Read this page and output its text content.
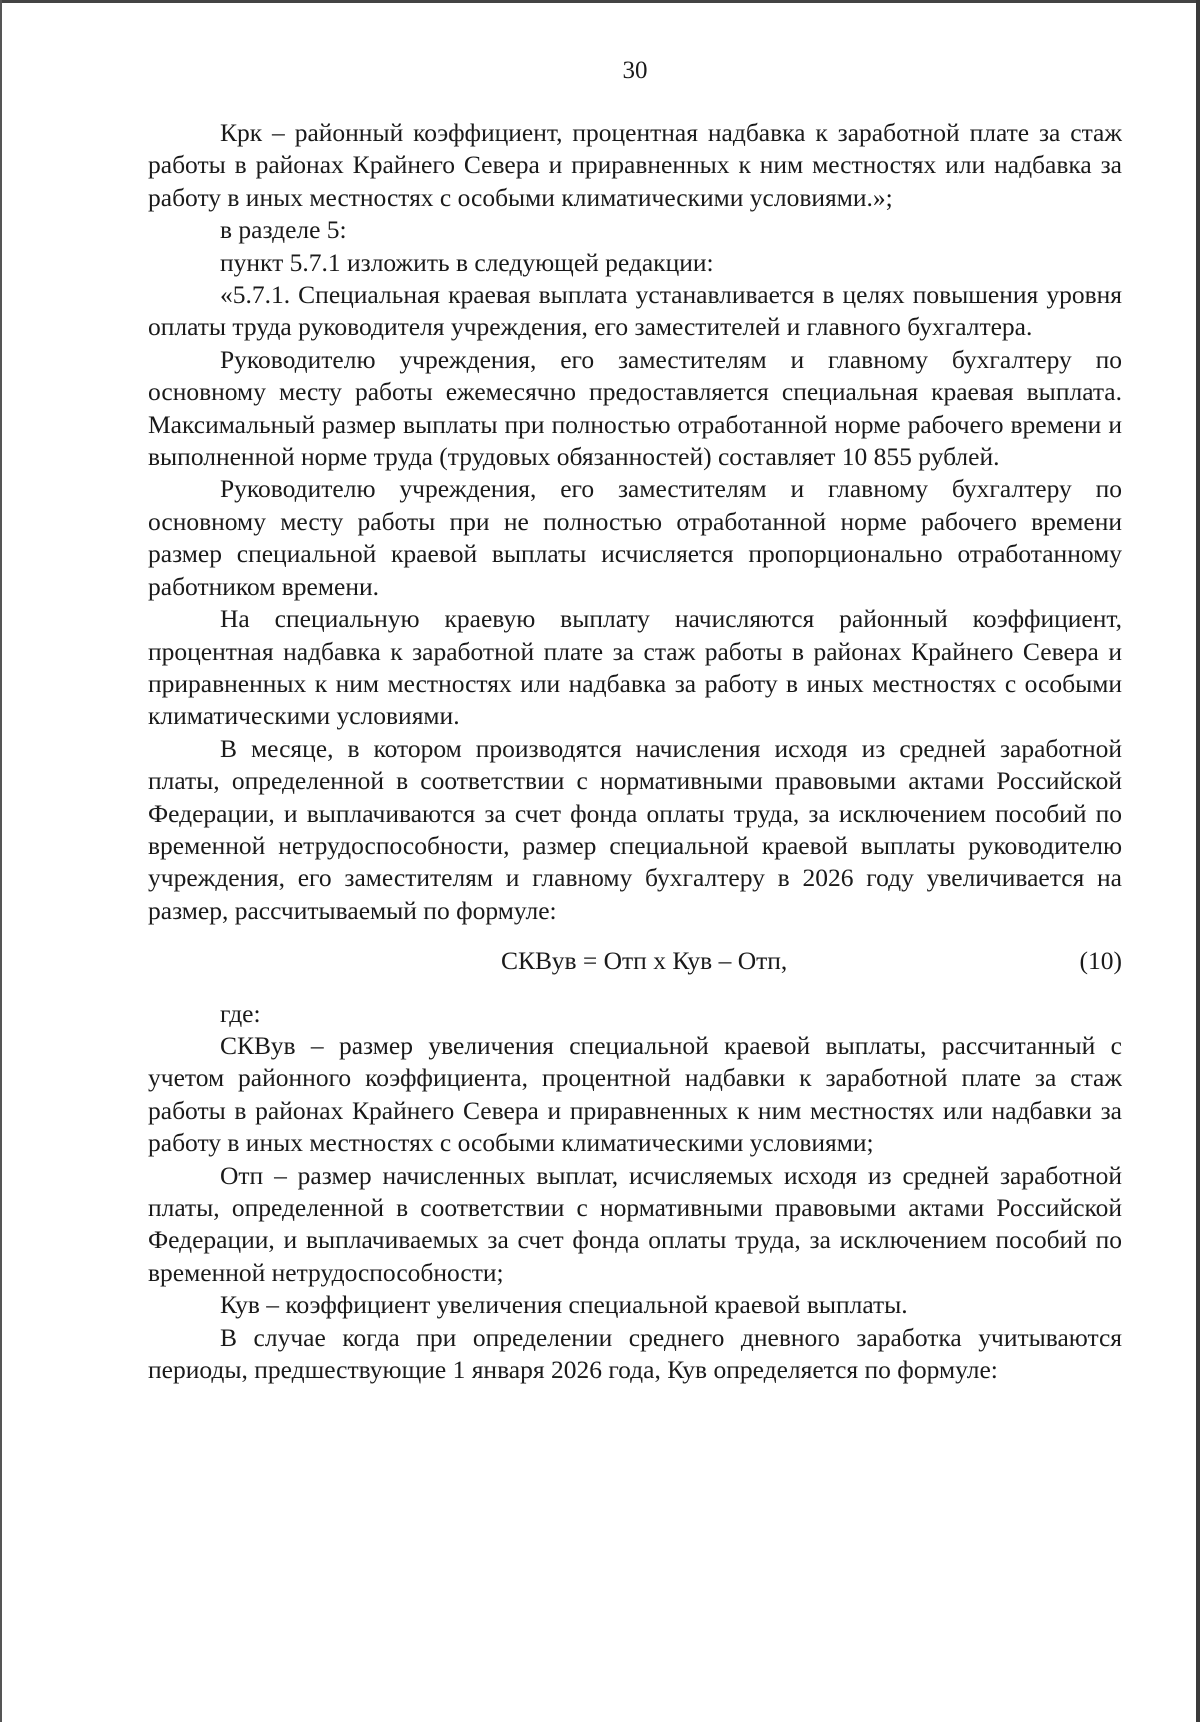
30

Крк – районный коэффициент, процентная надбавка к заработной плате за стаж работы в районах Крайнего Севера и приравненных к ним местностях или надбавка за работу в иных местностях с особыми климатическими условиями.»;

в разделе 5:

пункт 5.7.1 изложить в следующей редакции:

«5.7.1. Специальная краевая выплата устанавливается в целях повышения уровня оплаты труда руководителя учреждения, его заместителей и главного бухгалтера.

Руководителю учреждения, его заместителям и главному бухгалтеру по основному месту работы ежемесячно предоставляется специальная краевая выплата. Максимальный размер выплаты при полностью отработанной норме рабочего времени и выполненной норме труда (трудовых обязанностей) составляет 10 855 рублей.

Руководителю учреждения, его заместителям и главному бухгалтеру по основному месту работы при не полностью отработанной норме рабочего времени размер специальной краевой выплаты исчисляется пропорционально отработанному работником времени.

На специальную краевую выплату начисляются районный коэффициент, процентная надбавка к заработной плате за стаж работы в районах Крайнего Севера и приравненных к ним местностях или надбавка за работу в иных местностях с особыми климатическими условиями.

В месяце, в котором производятся начисления исходя из средней заработной платы, определенной в соответствии с нормативными правовыми актами Российской Федерации, и выплачиваются за счет фонда оплаты труда, за исключением пособий по временной нетрудоспособности, размер специальной краевой выплаты руководителю учреждения, его заместителям и главному бухгалтеру в 2026 году увеличивается на размер, рассчитываемый по формуле:

СКВув = Отп x Кув – Отп,	(10)

где:

СКВув – размер увеличения специальной краевой выплаты, рассчитанный с учетом районного коэффициента, процентной надбавки к заработной плате за стаж работы в районах Крайнего Севера и приравненных к ним местностях или надбавки за работу в иных местностях с особыми климатическими условиями;

Отп – размер начисленных выплат, исчисляемых исходя из средней заработной платы, определенной в соответствии с нормативными правовыми актами Российской Федерации, и выплачиваемых за счет фонда оплаты труда, за исключением пособий по временной нетрудоспособности;

Кув – коэффициент увеличения специальной краевой выплаты.

В случае когда при определении среднего дневного заработка учитываются периоды, предшествующие 1 января 2026 года, Кув определяется по формуле:
